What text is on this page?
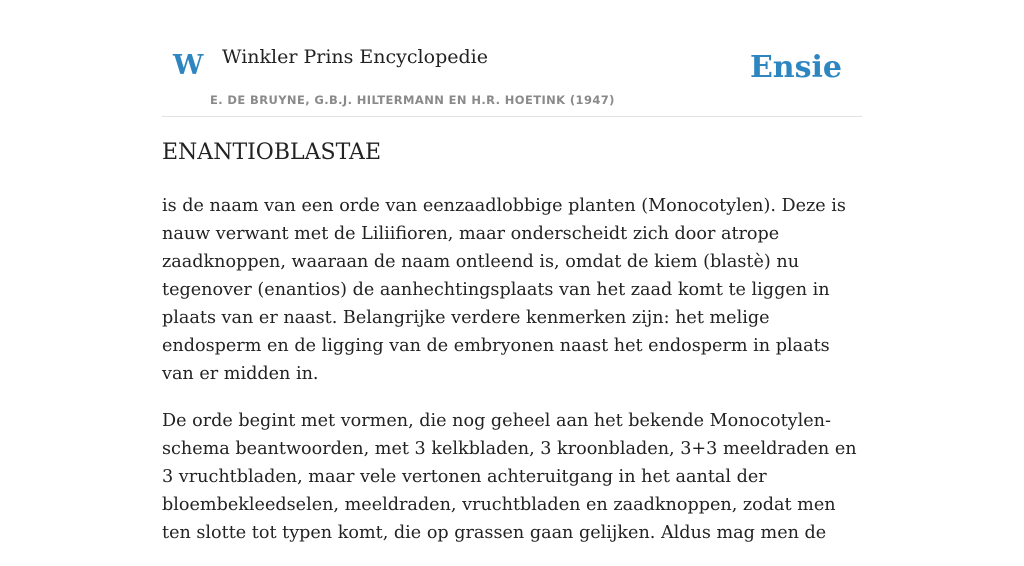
W Winkler Prins Encyclopedie
E. DE BRUYNE, G.B.J. HILTERMANN EN H.R. HOETINK (1947)
Ensie
ENANTIOBLASTAE

is de naam van een orde van eenzaadlobbige planten (Monocotylen). Deze is nauw verwant met de Liliifioren, maar onderscheidt zich door atrope zaadknoppen, waaraan de naam ontleend is, omdat de kiem (blastè) nu tegenover (enantios) de aanhechtingsplaats van het zaad komt te liggen in plaats van er naast. Belangrijke verdere kenmerken zijn: het melige endosperm en de ligging van de embryonen naast het endosperm in plaats van er midden in.

De orde begint met vormen, die nog geheel aan het bekende Monocotylen-schema beantwoorden, met 3 kelkbladen, 3 kroonbladen, 3+3 meeldraden en 3 vruchtbladen, maar vele vertonen achteruitgang in het aantal der bloembekleedselen, meeldraden, vruchtbladen en zaadknoppen, zodat men ten slotte tot typen komt, die op grassen gaan gelijken. Aldus mag men de
